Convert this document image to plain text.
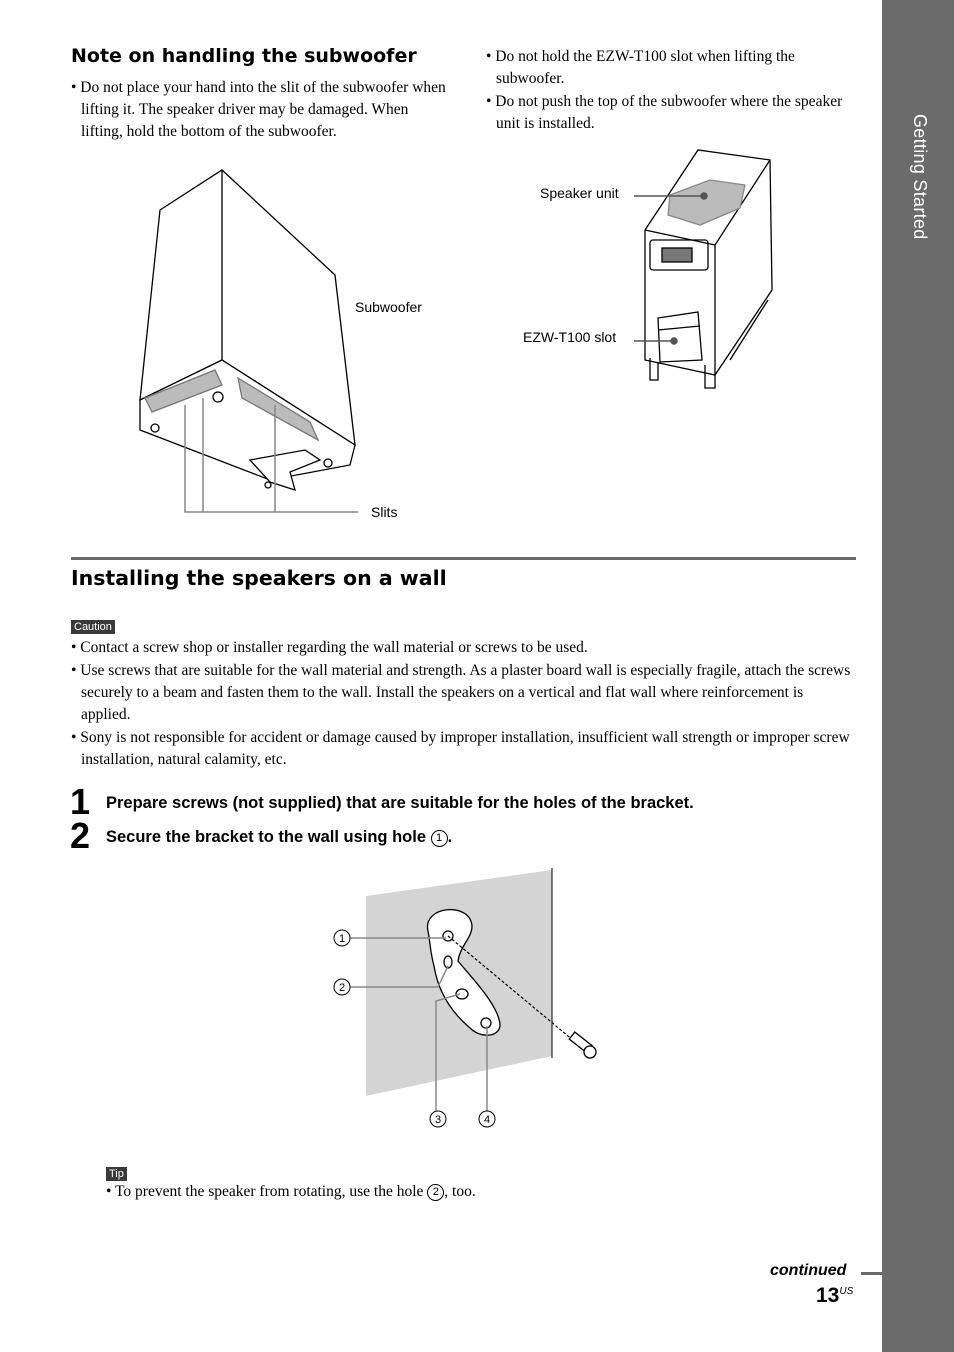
Getting Started
Note on handling the subwoofer

• Do not place your hand into the slit of the subwoofer when lifting it. The speaker driver may be damaged. When lifting, hold the bottom of the subwoofer.

• Do not hold the EZW-T100 slot when lifting the subwoofer.

• Do not push the top of the subwoofer where the speaker unit is installed.

Subwoofer
Slits
Speaker unit
EZW-T100 slot
Installing the speakers on a wall
Caution

• Contact a screw shop or installer regarding the wall material or screws to be used.

• Use screws that are suitable for the wall material and strength. As a plaster board wall is especially fragile, attach the screws securely to a beam and fasten them to the wall. Install the speakers on a vertical and flat wall where reinforcement is applied.

• Sony is not responsible for accident or damage caused by improper installation, insufficient wall strength or improper screw installation, natural calamity, etc.

1 Prepare screws (not supplied) that are suitable for the holes of the bracket.
2 Secure the bracket to the wall using hole 1 .
1
2
3	4
Tip
• To prevent the speaker from rotating, use the hole 2 , too.
continued
$13^{US}$
